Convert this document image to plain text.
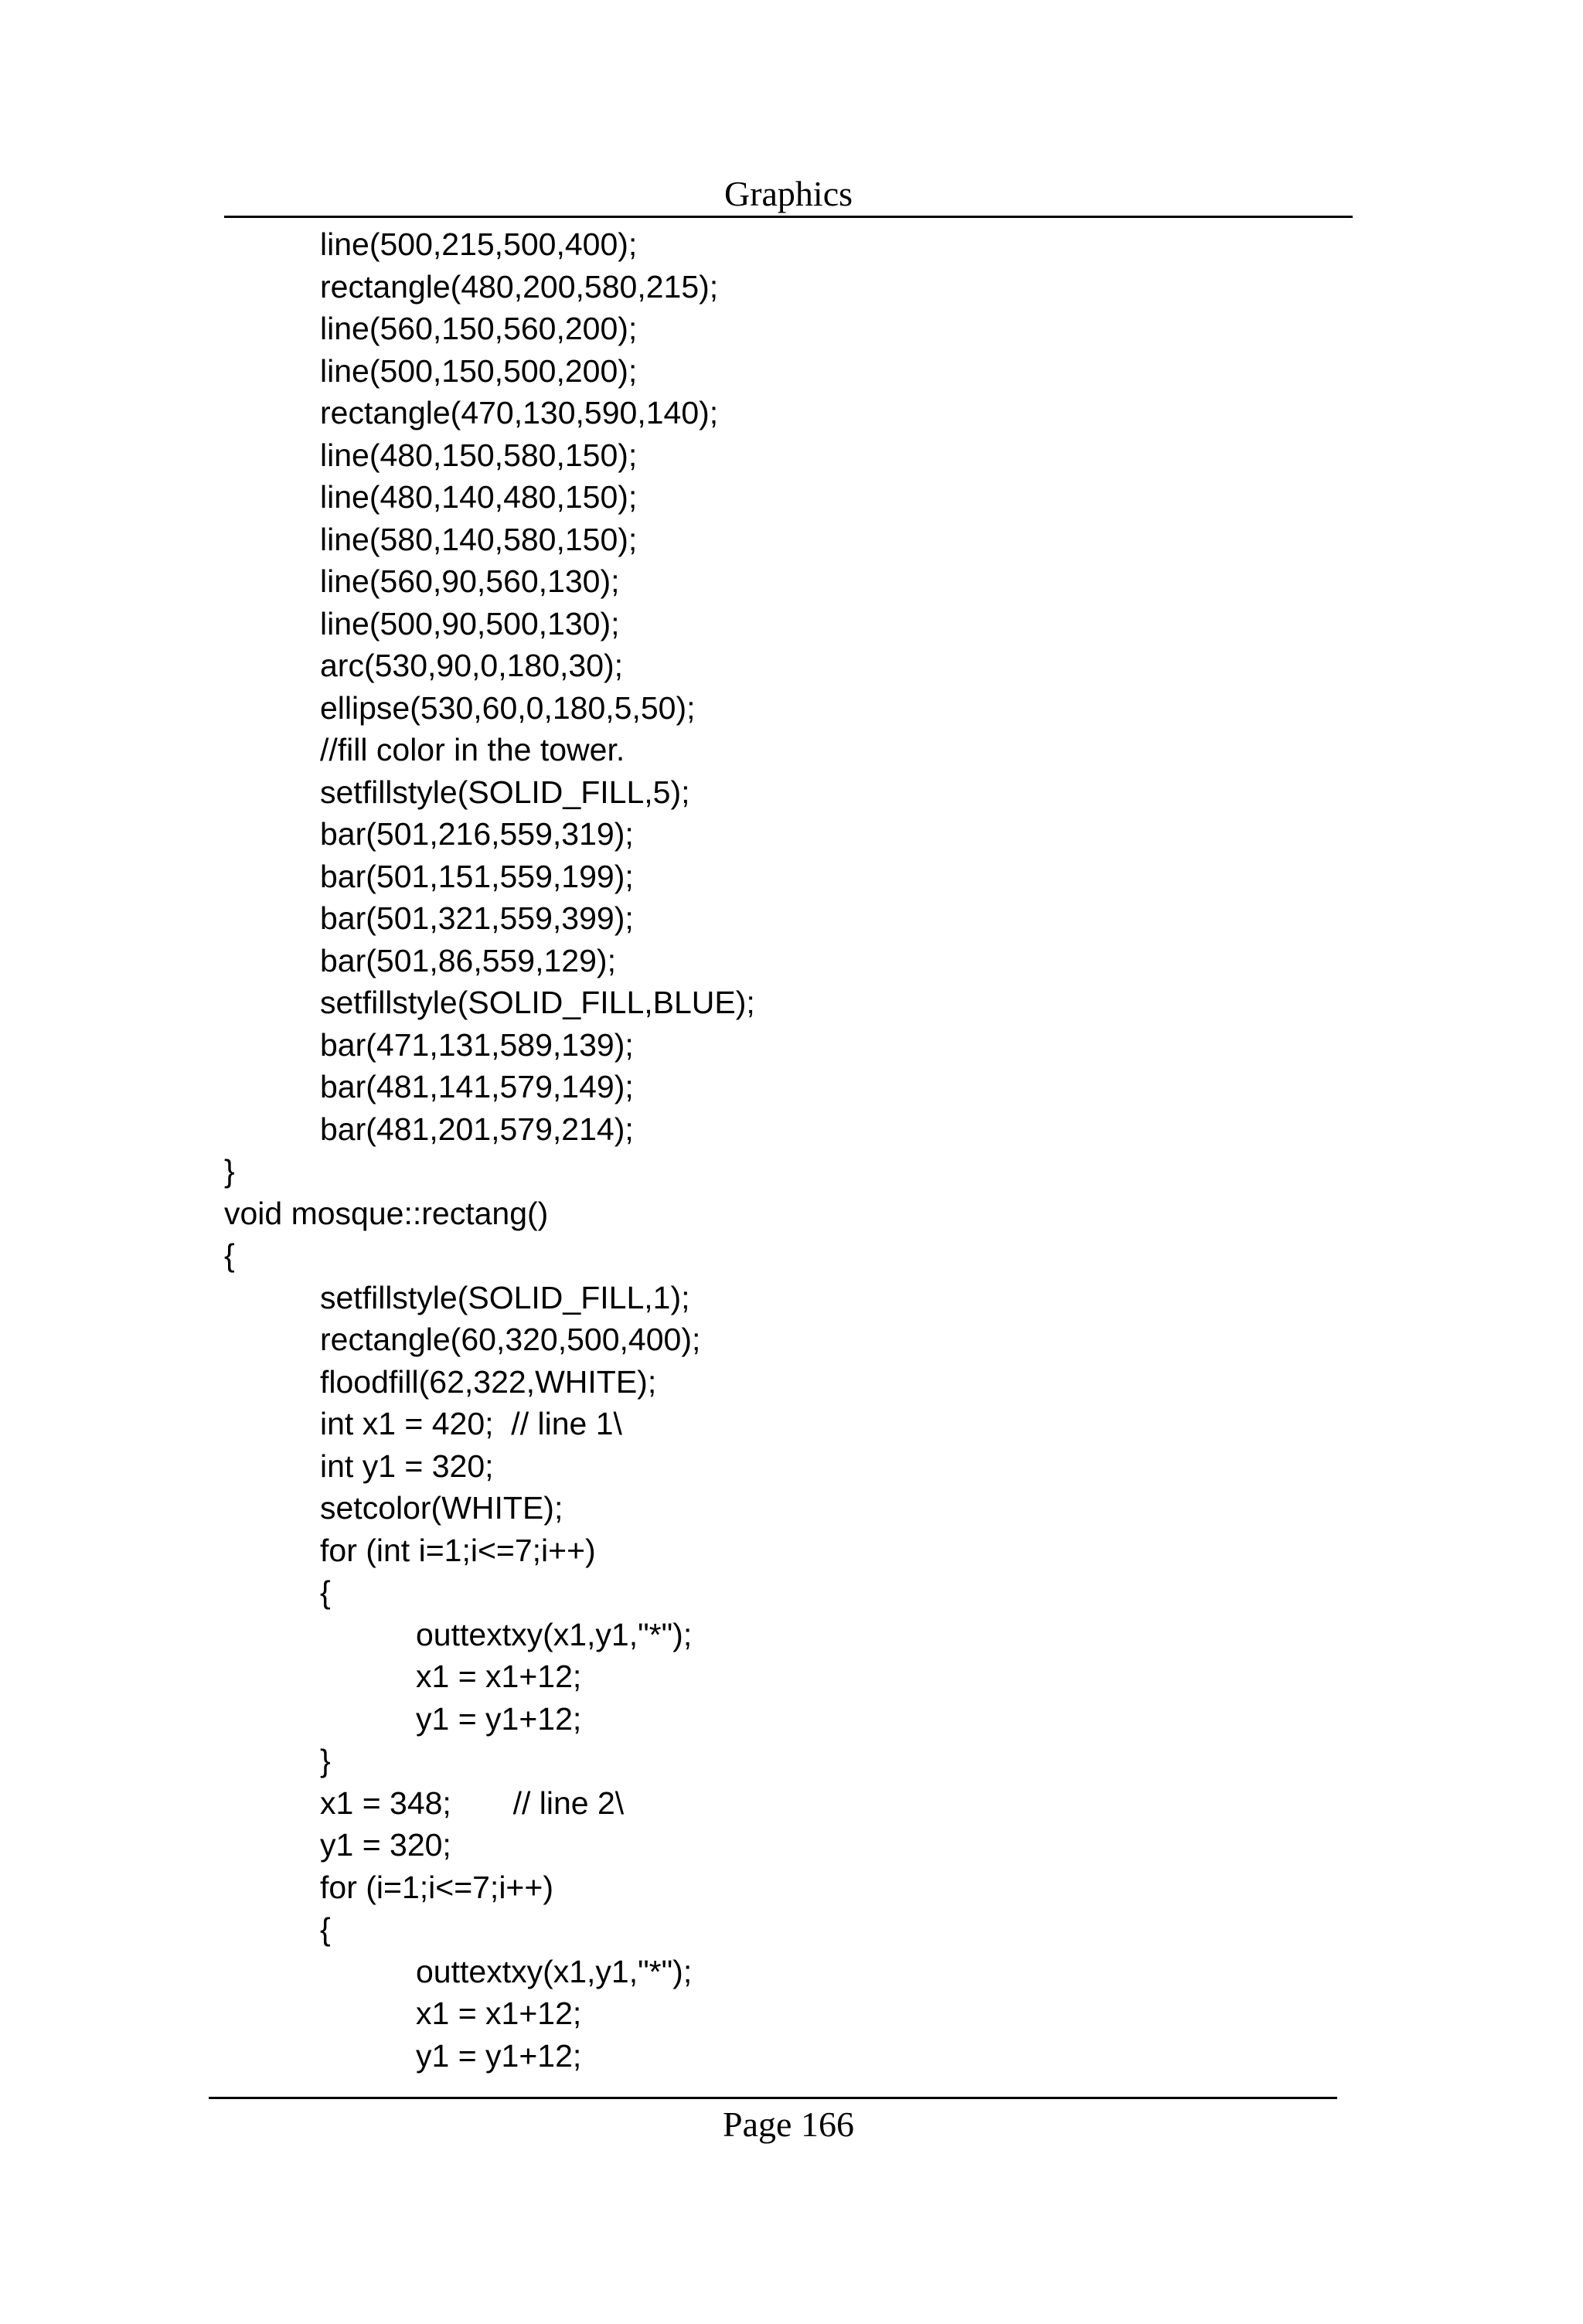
Graphics
line(500,215,500,400);
rectangle(480,200,580,215);
line(560,150,560,200);
line(500,150,500,200);
rectangle(470,130,590,140);
line(480,150,580,150);
line(480,140,480,150);
line(580,140,580,150);
line(560,90,560,130);
line(500,90,500,130);
arc(530,90,0,180,30);
ellipse(530,60,0,180,5,50);
//fill color in the tower.
setfillstyle(SOLID_FILL,5);
bar(501,216,559,319);
bar(501,151,559,199);
bar(501,321,559,399);
bar(501,86,559,129);
setfillstyle(SOLID_FILL,BLUE);
bar(471,131,589,139);
bar(481,141,579,149);
bar(481,201,579,214);
}
void mosque::rectang()
{
setfillstyle(SOLID_FILL,1);
rectangle(60,320,500,400);
floodfill(62,322,WHITE);
int x1 = 420;  // line 1\
int y1 = 320;
setcolor(WHITE);
for (int i=1;i<=7;i++)
{
outtextxy(x1,y1,"*");
x1 = x1+12;
y1 = y1+12;
}
x1 = 348;       // line 2\
y1 = 320;
for (i=1;i<=7;i++)
{
outtextxy(x1,y1,"*");
x1 = x1+12;
y1 = y1+12;
Page 166
